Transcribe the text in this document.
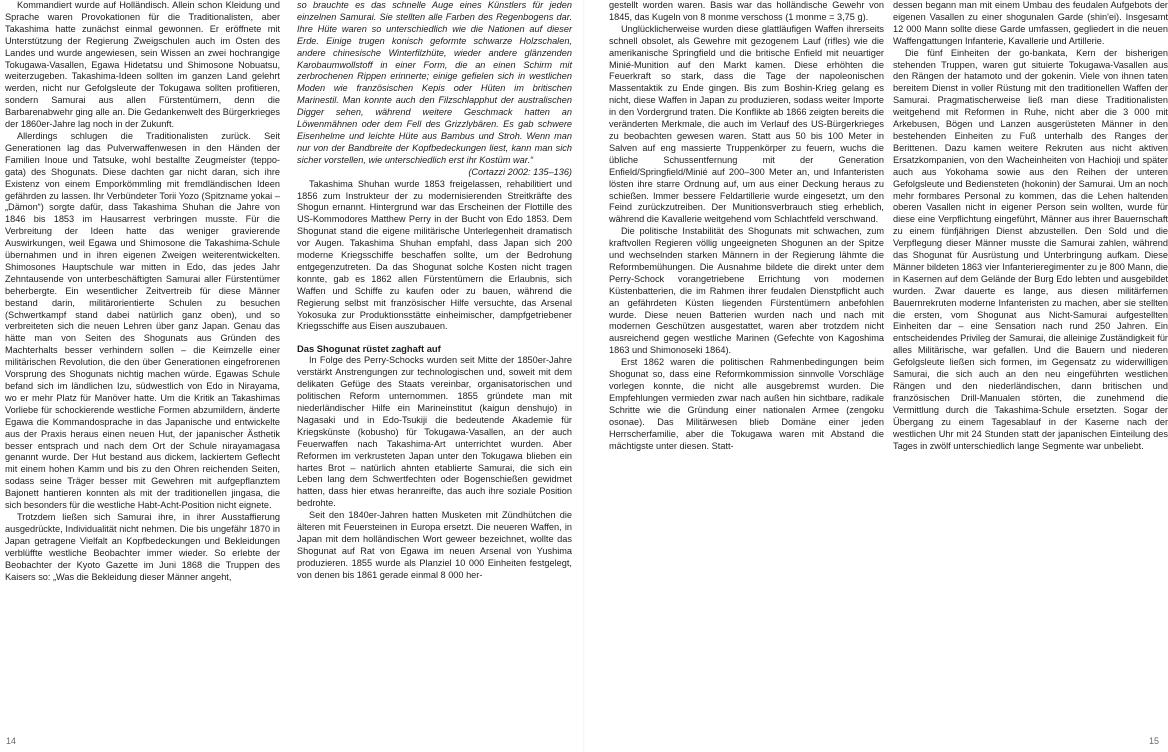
Kommandiert wurde auf Holländisch. Allein schon Kleidung und Sprache waren Provokationen für die Traditionalisten, aber Takashima hatte zunächst einmal gewonnen. Er eröffnete mit Unterstützung der Regierung Zweigschulen auch im Osten des Landes und wurde angewiesen, sein Wissen an zwei hochrangige Tokugawa-Vasallen, Egawa Hidetatsu und Shimosone Nobuatsu, weiterzugeben. Takashima-Ideen sollten im ganzen Land gelehrt werden, nicht nur Gefolgsleute der Tokugawa sollten profitieren, sondern Samurai aus allen Fürstentümern, denn die Barbarenabwehr ging alle an. Die Gedankenwelt des Bürgerkrieges der 1860er-Jahre lag noch in der Zukunft.

Allerdings schlugen die Traditionalisten zurück. Seit Generationen lag das Pulverwaffenwesen in den Händen der Familien Inoue und Tatsuke, wohl bestallte Zeugmeister (teppo-gata) des Shogunats. Diese dachten gar nicht daran, sich ihre Existenz von einem Emporkömmling mit fremdländischen Ideen gefährden zu lassen. Ihr Verbündeter Torii Yozo (Spitzname yokai – „Dämon“) sorgte dafür, dass Takashima Shuhan die Jahre von 1846 bis 1853 im Hausarrest verbringen musste. Für die Verbreitung der Ideen hatte das weniger gravierende Auswirkungen, weil Egawa und Shimosone die Takashima-Schule übernahmen und in ihren eigenen Zweigen weiterentwickelten. Shimosones Hauptschule war mitten in Edo, das jedes Jahr Zehntausende von unterbeschäftigten Samurai aller Fürstentümer beherbergte. Ein wesentlicher Zeitvertreib für diese Männer bestand darin, militärorientierte Schulen zu besuchen (Schwertkampf stand dabei natürlich ganz oben), und so verbreiteten sich die neuen Lehren über ganz Japan. Genau das hätte man von Seiten des Shogunats aus Gründen des Machterhalts besser verhindern sollen – die Keimzelle einer militärischen Revolution, die den über Generationen eingefrorenen Vorsprung des Shogunats nichtig machen würde. Egawas Schule befand sich im ländlichen Izu, südwestlich von Edo in Nirayama, wo er mehr Platz für Manöver hatte. Um die Kritik an Takashimas Vorliebe für schockierende westliche Formen abzumildern, änderte Egawa die Kommandosprache in das Japanische und entwickelte aus der Praxis heraus einen neuen Hut, der japanischer Ästhetik besser entsprach und nach dem Ort der Schule nirayamagasa genannt wurde. Der Hut bestand aus dickem, lackiertem Geflecht mit einem hohen Kamm und bis zu den Ohren reichenden Seiten, sodass seine Träger besser mit Gewehren mit aufgepflanztem Bajonett hantieren konnten als mit der traditionellen jingasa, die sich besonders für die westliche Habt-Acht-Position nicht eignete.

Trotzdem ließen sich Samurai ihre, in ihrer Ausstaffierung ausgedrückte, Individualität nicht nehmen. Die bis ungefähr 1870 in Japan getragene Vielfalt an Kopfbedeckungen und Bekleidungen verblüffte westliche Beobachter immer wieder. So erlebte der Beobachter der Kyoto Gazette im Juni 1868 die Truppen des Kaisers so: „Was die Bekleidung dieser Männer angeht,

so brauchte es das schnelle Auge eines Künstlers für jeden einzelnen Samurai. Sie stellten alle Farben des Regenbogens dar. Ihre Hüte waren so unterschiedlich wie die Nationen auf dieser Erde. Einige trugen konisch geformte schwarze Holzschalen, andere chinesische Winterfilzhüte, wieder andere glänzenden Karobaumwollstoff in einer Form, die an einen Schirm mit zerbrochenen Rippen erinnerte; einige gefielen sich in westlichen Moden wie französischen Kepis oder Hüten im britischen Marinestil. Man konnte auch den Filzschlapphut der australischen Digger sehen, während weitere Geschmack hatten an Löwenmähnen oder dem Fell des Grizzlybären. Es gab schwere Eisenhelme und leichte Hüte aus Bambus und Stroh. Wenn man nur von der Bandbreite der Kopfbedeckungen liest, kann man sich sicher vorstellen, wie unterschiedlich erst ihr Kostüm war.“

(Cortazzi 2002: 135–136)

Takashima Shuhan wurde 1853 freigelassen, rehabilitiert und 1856 zum Instrukteur der zu modernisierenden Streitkräfte des Shogun ernannt. Hintergrund war das Erscheinen der Flottille des US-Kommodores Matthew Perry in der Bucht von Edo 1853. Dem Shogunat stand die eigene militärische Unterlegenheit dramatisch vor Augen. Takashima Shuhan empfahl, dass Japan sich 200 moderne Kriegsschiffe beschaffen sollte, um der Bedrohung entgegenzutreten. Da das Shogunat solche Kosten nicht tragen konnte, gab es 1862 allen Fürstentümern die Erlaubnis, sich Waffen und Schiffe zu kaufen oder zu bauen, während die Regierung selbst mit französischer Hilfe versuchte, das Arsenal Yokosuka zur Produktionsstätte einheimischer, dampfgetriebener Kriegsschiffe aus Eisen auszubauen.

Das Shogunat rüstet zaghaft auf

In Folge des Perry-Schocks wurden seit Mitte der 1850er-Jahre verstärkt Anstrengungen zur technologischen und, soweit mit dem delikaten Gefüge des Staats vereinbar, organisatorischen und politischen Reform unternommen. 1855 gründete man mit niederländischer Hilfe ein Marineinstitut (kaigun denshujo) in Nagasaki und in Edo-Tsukiji die bedeutende Akademie für Kriegskünste (kobusho) für Tokugawa-Vasallen, an der auch Feuerwaffen nach Takashima-Art unterrichtet wurden. Aber Reformen im verkrusteten Japan unter den Tokugawa blieben ein hartes Brot – natürlich ahnten etablierte Samurai, die sich ein Leben lang dem Schwertfechten oder Bogenschießen gewidmet hatten, dass hier etwas heranreifte, das auch ihre soziale Position bedrohte.

Seit den 1840er-Jahren hatten Musketen mit Zündhütchen die älteren mit Feuersteinen in Europa ersetzt. Die neueren Waffen, in Japan mit dem holländischen Wort geweer bezeichnet, wollte das Shogunat auf Rat von Egawa im neuen Arsenal von Yushima produzieren. 1855 wurde als Planziel 10 000 Einheiten festgelegt, von denen bis 1861 gerade einmal 8 000 her-

gestellt worden waren. Basis war das holländische Gewehr von 1845, das Kugeln von 8 monme verschoss (1 monme = 3,75 g).

Unglücklicherweise wurden diese glattläufigen Waffen ihrerseits schnell obsolet, als Gewehre mit gezogenem Lauf (rifles) wie die amerikanische Springfield und die britische Enfield mit neuartiger Minié-Munition auf den Markt kamen. Diese erhöhten die Feuerkraft so stark, dass die Tage der napoleonischen Massentaktik zu Ende gingen. Bis zum Boshin-Krieg gelang es nicht, diese Waffen in Japan zu produzieren, sodass weiter Importe in den Vordergrund traten. Die Konflikte ab 1866 zeigten bereits die veränderten Merkmale, die auch im Verlauf des US-Bürgerkrieges zu beobachten gewesen waren. Statt aus 50 bis 100 Meter in Salven auf eng massierte Truppenkörper zu feuern, wuchs die übliche Schussentfernung mit der Generation Enfield/Springfield/Minié auf 200–300 Meter an, und Infanteristen lösten ihre starre Ordnung auf, um aus einer Deckung heraus zu schießen. Immer bessere Feldartillerie wurde eingesetzt, um den Feind zurückzutreiben. Der Munitionsverbrauch stieg erheblich, während die Kavallerie weitgehend vom Schlachtfeld verschwand.

Die politische Instabilität des Shogunats mit schwachen, zum kraftvollen Regieren völlig ungeeigneten Shogunen an der Spitze und wechselnden starken Männern in der Regierung lähmte die Reformbemühungen. Die Ausnahme bildete die direkt unter dem Perry-Schock vorangetriebene Errichtung von modernen Küstenbatterien, die im Rahmen ihrer feudalen Dienstpflicht auch an gefährdeten Küsten liegenden Fürstentümern anbefohlen wurde. Diese neuen Batterien wurden nach und nach mit modernen Geschützen ausgestattet, waren aber trotzdem nicht ausreichend gegen westliche Marinen (Gefechte von Kagoshima 1863 und Shimonoseki 1864).

Erst 1862 waren die politischen Rahmenbedingungen beim Shogunat so, dass eine Reformkommission sinnvolle Vorschläge vorlegen konnte, die nicht alle ausgebremst wurden. Die Empfehlungen vermieden zwar nach außen hin sichtbare, radikale Schritte wie die Gründung einer nationalen Armee (zengoku osonae). Das Militärwesen blieb Domäne einer jeden Herrscherfamilie, aber die Tokugawa waren mit Abstand die mächtigste unter diesen. Statt-

dessen begann man mit einem Umbau des feudalen Aufgebots der eigenen Vasallen zu einer shogunalen Garde (shin'ei). Insgesamt 12 000 Mann sollte diese Garde umfassen, gegliedert in die neuen Waffengattungen Infanterie, Kavallerie und Artillerie.

Die fünf Einheiten der go-bankata, Kern der bisherigen stehenden Truppen, waren gut situierte Tokugawa-Vasallen aus den Rängen der hatamoto und der gokenin. Viele von ihnen taten bereitem Dienst in voller Rüstung mit den traditionellen Waffen der Samurai. Pragmatischerweise ließ man diese Traditionalisten weitgehend mit Reformen in Ruhe, nicht aber die 3 000 mit Arkebusen, Bögen und Lanzen ausgerüsteten Männer in den bestehenden Einheiten zu Fuß unterhalb des Ranges der Berittenen. Dazu kamen weitere Rekruten aus nicht aktiven Ersatzkompanien, von den Wacheinheiten von Hachioji und später auch aus Yokohama sowie aus den Reihen der unteren Gefolgsleute und Bediensteten (hokonin) der Samurai. Um an noch mehr formbares Personal zu kommen, das die Lehen haltenden oberen Vasallen nicht in eigener Person sein wollten, wurde für diese eine Verpflichtung eingeführt, Männer aus ihrer Bauernschaft zu einem fünfjährigen Dienst abzustellen. Den Sold und die Verpflegung dieser Männer musste die Samurai zahlen, während das Shogunat für Ausrüstung und Unterbringung aufkam. Diese Männer bildeten 1863 vier Infanterieregimenter zu je 800 Mann, die in Kasernen auf dem Gelände der Burg Edo lebten und ausgebildet wurden. Zwar dauerte es lange, aus diesen militärfernen Bauernrekruten moderne Infanteristen zu machen, aber sie stellten die ersten, vom Shogunat aus Nicht-Samurai aufgestellten Einheiten dar – eine Sensation nach rund 250 Jahren. Ein entscheidendes Privileg der Samurai, die alleinige Zuständigkeit für alles Militärische, war gefallen. Und die Bauern und niederen Gefolgsleute ließen sich formen, im Gegensatz zu widerwilligen Samurai, die sich auch an den neu eingeführten westlichen Rängen und den niederländischen, dann britischen und französischen Drill-Manualen störten, die zunehmend die Vermittlung durch die Takashima-Schule ersetzten. Sogar der Übergang zu einem Tagesablauf in der Kaserne nach der westlichen Uhr mit 24 Stunden statt der japanischen Einteilung des Tages in zwölf unterschiedlich lange Segmente war unbeliebt.

14	15
